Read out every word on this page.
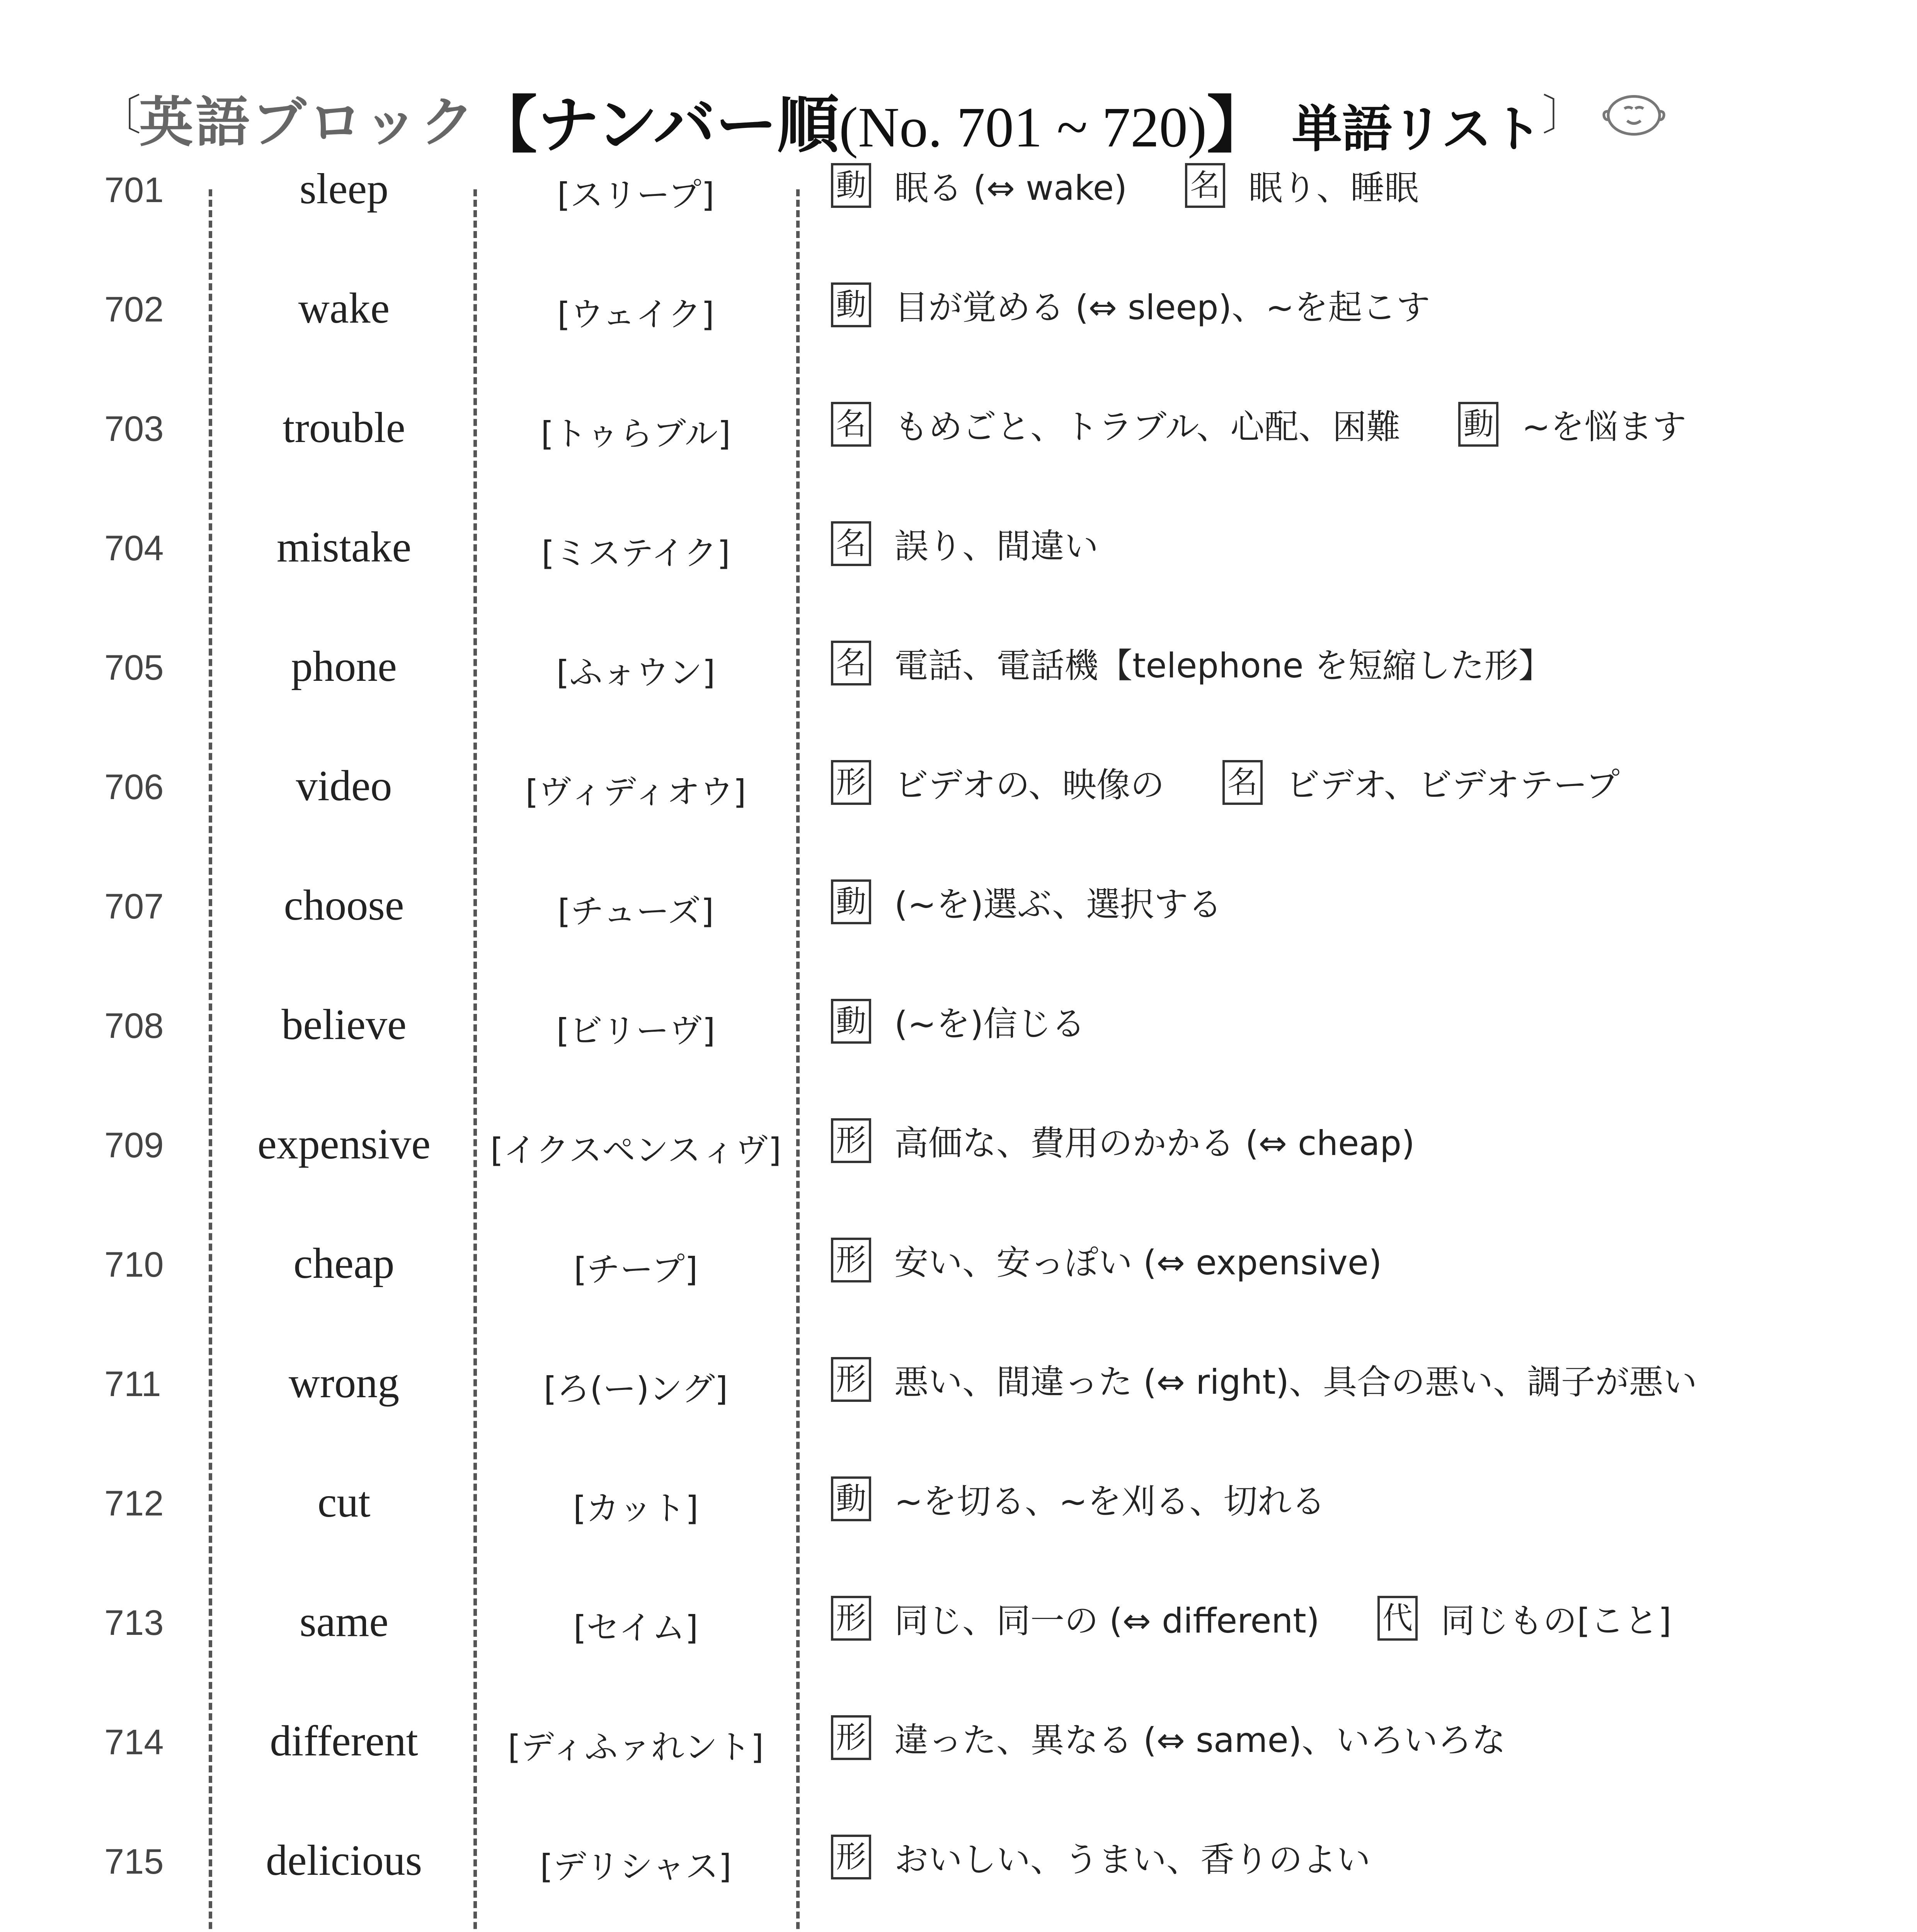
〔
英語ブロック
【ナンバー順(No. 701 ~ 720)】 単語リスト 〕
701	sleep	[スリープ]	動 眠る (⇔ wake) 名 眠り、睡眠
702	wake	[ウェイク]	動 目が覚める (⇔ sleep)、~を起こす
703	trouble	[トゥらブル]	名 もめごと、トラブル、心配、困難 動 ~を悩ます
704	mistake	[ミステイク]	名 誤り、間違い
705	phone	[ふォウン]	名 電話、電話機【telephone を短縮した形】
706	video	[ヴィディオウ]	形 ビデオの、映像の 名 ビデオ、ビデオテープ
707	choose	[チューズ]	動 (~を)選ぶ、選択する
708	believe	[ビリーヴ]	動 (~を)信じる
709	expensive	[イクスペンスィヴ] 形 高価な、費用のかかる (⇔ cheap)
710	cheap	[チープ]	形 安い、安っぽい (⇔ expensive)
711	wrong	[ろ(ー)ング]	形 悪い、間違った (⇔ right)、具合の悪い、調子が悪い
712	cut	[カット]	動 ~を切る、~を刈る、切れる
713	same	[セイム]	形 同じ、同一の (⇔ different) 代 同じもの[こと]
714	different	[ディふァれント]	形 違った、異なる (⇔ same)、いろいろな
715	delicious	[デリシャス]	形 おいしい、うまい、香りのよい
